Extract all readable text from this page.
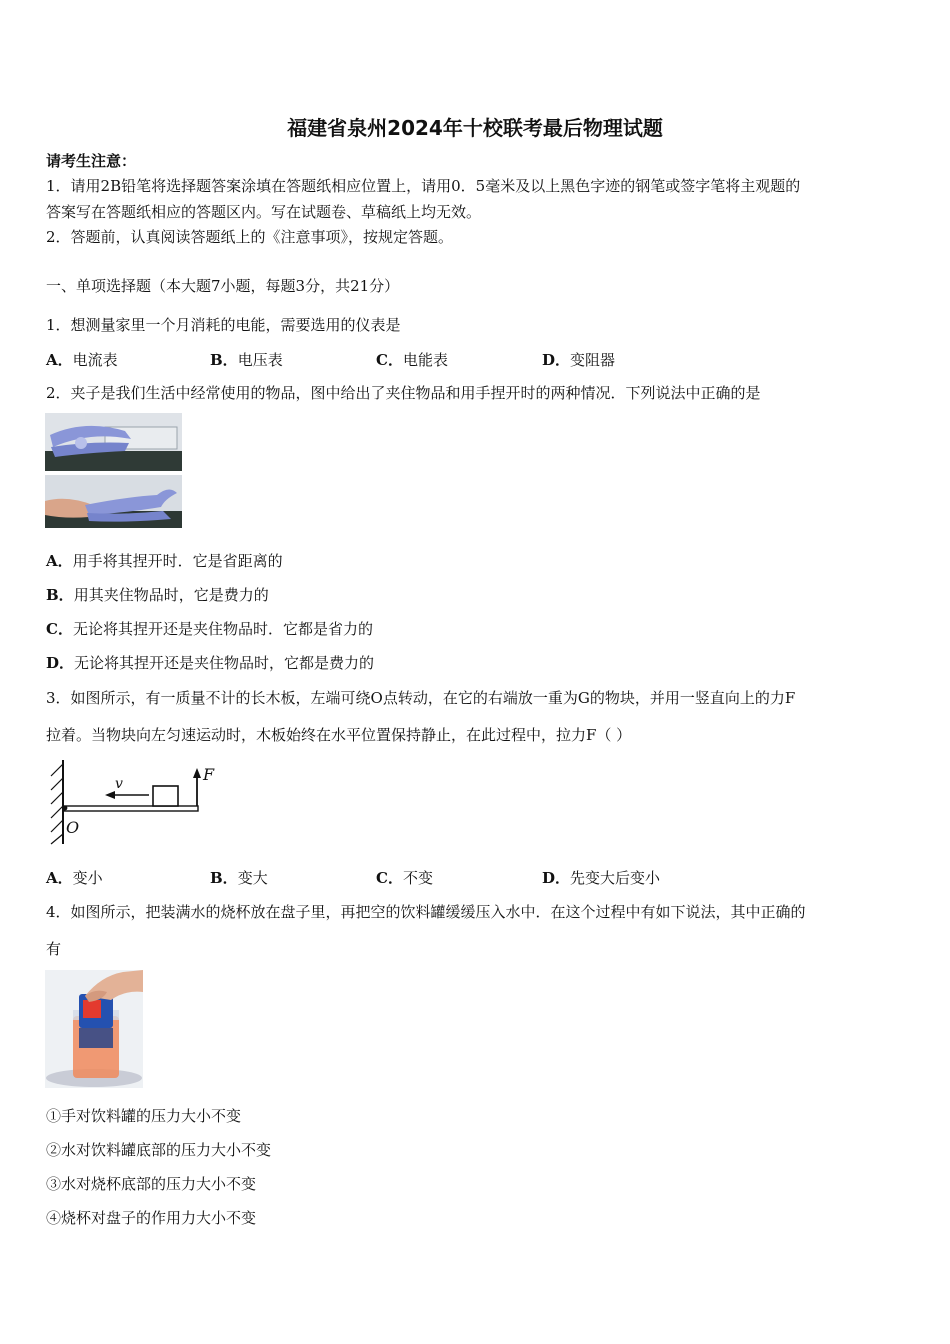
福建省泉州2024年十校联考最后物理试题
请考生注意：
1．请用2B铅笔将选择题答案涂填在答题纸相应位置上，请用0．5毫米及以上黑色字迹的钢笔或签字笔将主观题的
答案写在答题纸相应的答题区内。写在试题卷、草稿纸上均无效。
2．答题前，认真阅读答题纸上的《注意事项》，按规定答题。
一、单项选择题（本大题7小题，每题3分，共21分）
1．想测量家里一个月消耗的电能，需要选用的仪表是
A．电流表	B．电压表	C．电能表	D．变阻器
2．夹子是我们生活中经常使用的物品，图中给出了夹住物品和用手捏开时的两种情况．下列说法中正确的是
A．用手将其捏开时．它是省距离的
B．用其夹住物品时，它是费力的
C．无论将其捏开还是夹住物品时．它都是省力的
D．无论将其捏开还是夹住物品时，它都是费力的
3．如图所示，有一质量不计的长木板，左端可绕O点转动，在它的右端放一重为G的物块，并用一竖直向上的力F
拉着。当物块向左匀速运动时，木板始终在水平位置保持静止，在此过程中，拉力F（ ）
v	F
O
A．变小	B．变大	C．不变	D．先变大后变小
4．如图所示，把装满水的烧杯放在盘子里，再把空的饮料罐缓缓压入水中．在这个过程中有如下说法，其中正确的
有
①手对饮料罐的压力大小不变
②水对饮料罐底部的压力大小不变
③水对烧杯底部的压力大小不变
④烧杯对盘子的作用力大小不变
